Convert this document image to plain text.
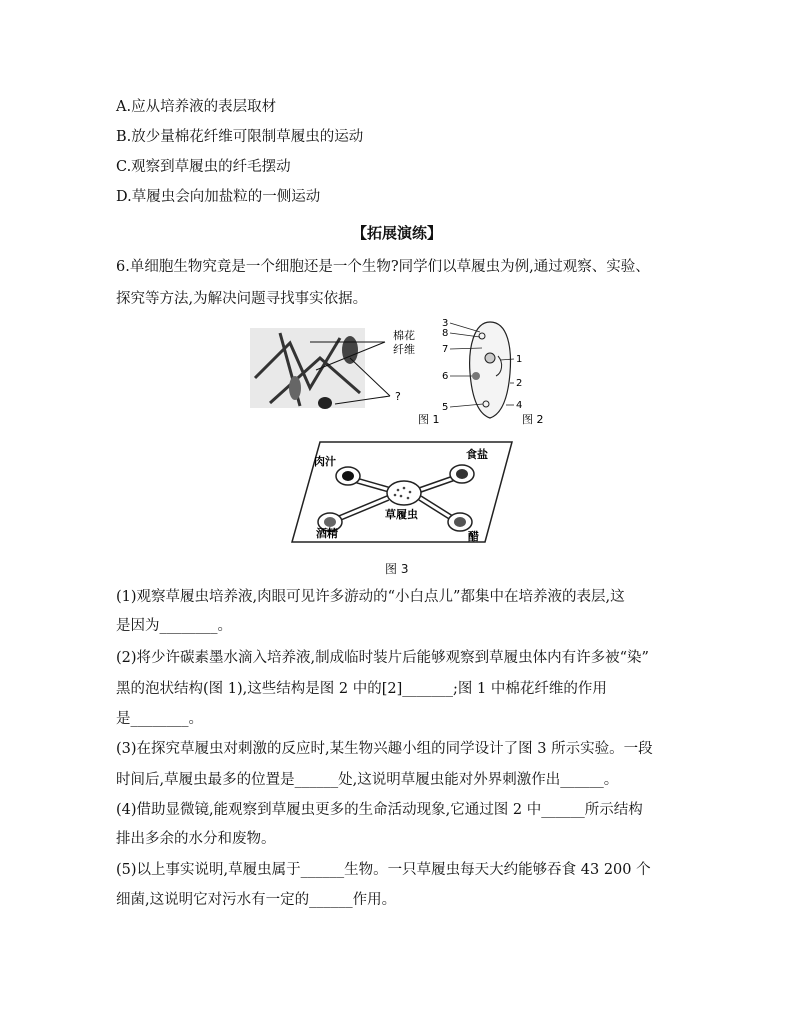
A.应从培养液的表层取材
B.放少量棉花纤维可限制草履虫的运动
C.观察到草履虫的纤毛摆动
D.草履虫会向加盐粒的一侧运动
【拓展演练】
6.单细胞生物究竟是一个细胞还是一个生物?同学们以草履虫为例,通过观察、实验、
探究等方法,为解决问题寻找事实依据。
棉花
纤维
?
图 1
3
8
7
6
5
1
2
4
图 2
肉汁
食盐
酒精	醋
草履虫
图 3
(1)观察草履虫培养液,肉眼可见许多游动的“小白点儿”都集中在培养液的表层,这
是因为________。
(2)将少许碳素墨水滴入培养液,制成临时装片后能够观察到草履虫体内有许多被“染”
黑的泡状结构(图 1),这些结构是图 2 中的[2]_______;图 1 中棉花纤维的作用
是________。
(3)在探究草履虫对刺激的反应时,某生物兴趣小组的同学设计了图 3 所示实验。一段
时间后,草履虫最多的位置是______处,这说明草履虫能对外界刺激作出______。
(4)借助显微镜,能观察到草履虫更多的生命活动现象,它通过图 2 中______所示结构
排出多余的水分和废物。
(5)以上事实说明,草履虫属于______生物。一只草履虫每天大约能够吞食 43 200 个
细菌,这说明它对污水有一定的______作用。
